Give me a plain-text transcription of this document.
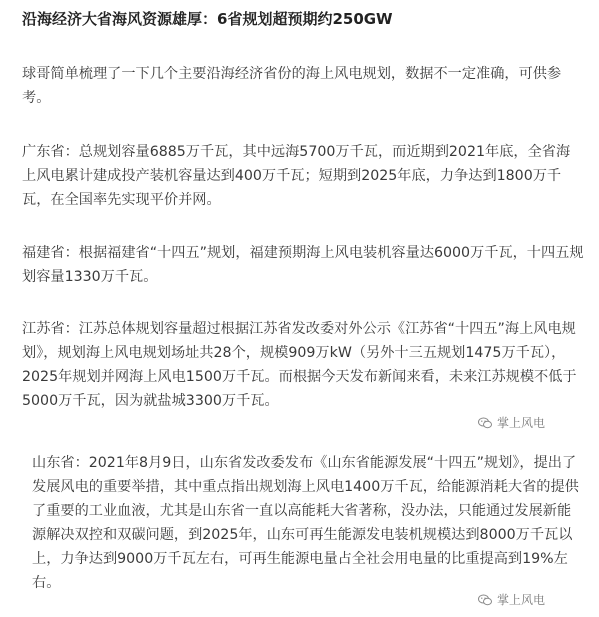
沿海经济大省海风资源雄厚：6省规划超预期约250GW

球哥简单梳理了一下几个主要沿海经济省份的海上风电规划，数据不一定准确，可供参考。

广东省：总规划容量6885万千瓦，其中远海5700万千瓦，而近期到2021年底，全省海上风电累计建成投产装机容量达到400万千瓦；短期到2025年底，力争达到1800万千瓦，在全国率先实现平价并网。

福建省：根据福建省“十四五”规划，福建预期海上风电装机容量达6000万千瓦，十四五规划容量1330万千瓦。

江苏省：江苏总体规划容量超过根据江苏省发改委对外公示《江苏省“十四五”海上风电规划》，规划海上风电规划场址共28个，规模909万kW（另外十三五规划1475万千瓦），2025年规划并网海上风电1500万千瓦。而根据今天发布新闻来看，未来江苏规模不低于5000万千瓦，因为就盐城3300万千瓦。

山东省：2021年8月9日，山东省发改委发布《山东省能源发展“十四五”规划》，提出了发展风电的重要举措，其中重点指出规划海上风电1400万千瓦，给能源消耗大省的提供了重要的工业血液，尤其是山东省一直以高能耗大省著称，没办法，只能通过发展新能源解决双控和双碳问题，到2025年，山东可再生能源发电装机规模达到8000万千瓦以上，力争达到9000万千瓦左右，可再生能源电量占全社会用电量的比重提高到19%左右。

掌上风电
掌上风电
